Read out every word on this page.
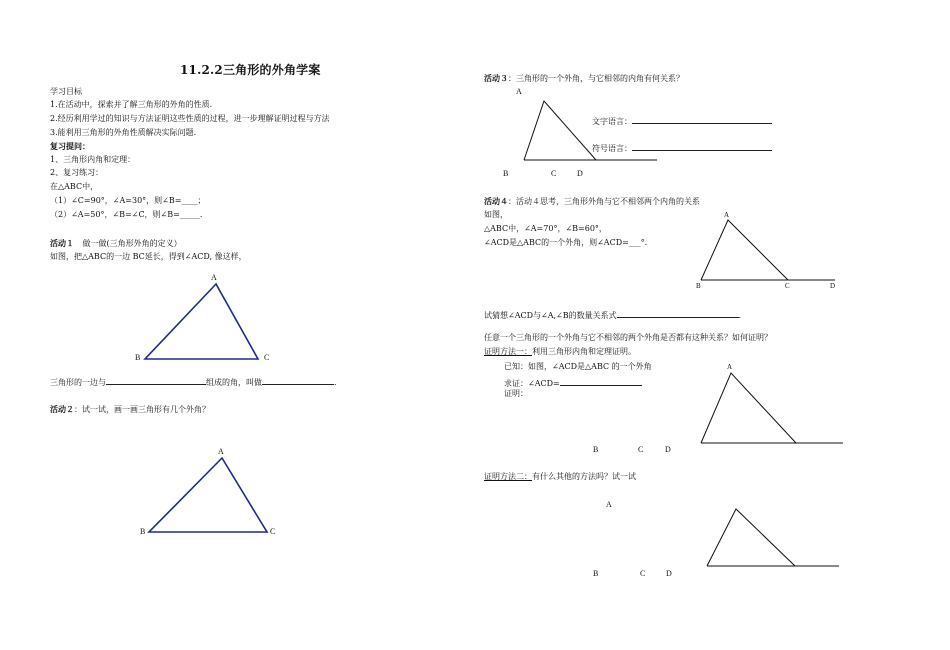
11.2.2三角形的外角学案
学习目标
1.在活动中，探索并了解三角形的外角的性质.
2.经历利用学过的知识与方法证明这些性质的过程，进一步理解证明过程与方法
3.能利用三角形的外角性质解决实际问题.
复习提问：
1、三角形内角和定理：
2、复习练习：
在△ABC中，
（1）∠C=90°，∠A=30°，则∠B=____；
（2）∠A=50°，∠B=∠C，则∠B=_____.
活动１ 做一做(三角形外角的定义）
如图，把△ABC的一边 BC延长，得到∠ACD, 像这样，
A
B	C
三角形的一边与	组成的角，叫做	.
活动２：试一试，画一画三角形有几个外角？
A
B	C
活动３：三角形的一个外角，与它相邻的内角有何关系？
A
B	C	D
文字语言：
符号语言：
活动４：活动４思考，三角形外角与它不相邻两个内角的关系
如图，
△ABC中，∠A=70°，∠B=60°，
∠ACD是△ABC的一个外角，则∠ACD=___°．
A
B	C	D
试猜想∠ACD与∠A,∠B的数量关系式	.
任意一个三角形的一个外角与它不相邻的两个外角是否都有这种关系？如何证明？
证明方法一：利用三角形内角和定理证明。
已知：如图，∠ACD是△ABC 的一个外角
求证：∠ACD=
证明：
A
B	C	D
证明方法二：有什么其他的方法吗？试一试
A
B	C	D
